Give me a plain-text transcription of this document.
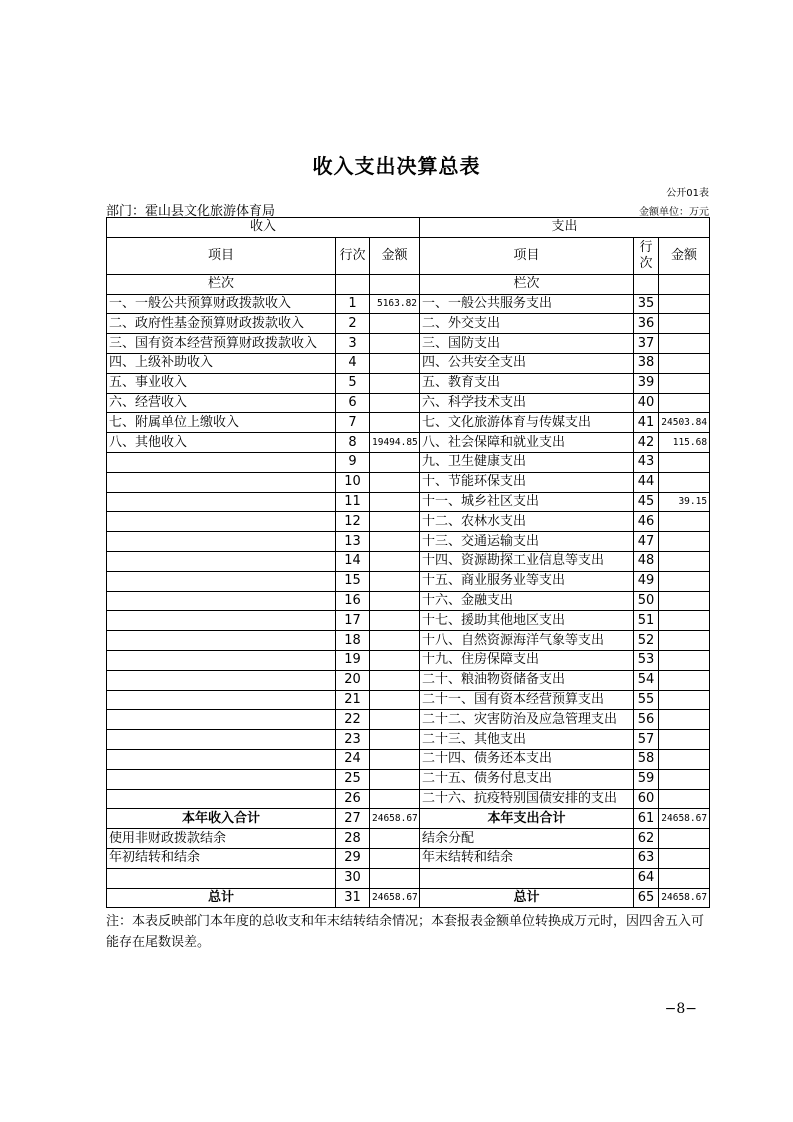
收入支出决算总表
公开01表
部门：霍山县文化旅游体育局	金额单位：万元
收入			支出		
项目	行次	金额	项目	行次	金额
栏次			栏次		
一、一般公共预算财政拨款收入	1	5163.82	一、一般公共服务支出	35	
二、政府性基金预算财政拨款收入	2		二、外交支出	36	
三、国有资本经营预算财政拨款收入	3		三、国防支出	37	
四、上级补助收入	4		四、公共安全支出	38	
五、事业收入	5		五、教育支出	39	
六、经营收入	6		六、科学技术支出	40	
七、附属单位上缴收入	7		七、文化旅游体育与传媒支出	41	24503.84
八、其他收入	8	19494.85	八、社会保障和就业支出	42	115.68
	9		九、卫生健康支出	43	
	10		十、节能环保支出	44	
	11		十一、城乡社区支出	45	39.15
	12		十二、农林水支出	46	
	13		十三、交通运输支出	47	
	14		十四、资源勘探工业信息等支出	48	
	15		十五、商业服务业等支出	49	
	16		十六、金融支出	50	
	17		十七、援助其他地区支出	51	
	18		十八、自然资源海洋气象等支出	52	
	19		十九、住房保障支出	53	
	20		二十、粮油物资储备支出	54	
	21		二十一、国有资本经营预算支出	55	
	22		二十二、灾害防治及应急管理支出	56	
	23		二十三、其他支出	57	
	24		二十四、债务还本支出	58	
	25		二十五、债务付息支出	59	
	26		二十六、抗疫特别国债安排的支出	60	
本年收入合计	27	24658.67	本年支出合计	61	24658.67
使用非财政拨款结余	28		结余分配	62	
年初结转和结余	29		年末结转和结余	63	
	30			64	
总计	31	24658.67	总计	65	24658.67
注：本表反映部门本年度的总收支和年末结转结余情况；本套报表金额单位转换成万元时，因四舍五入可能存在尾数误差。
−8−
